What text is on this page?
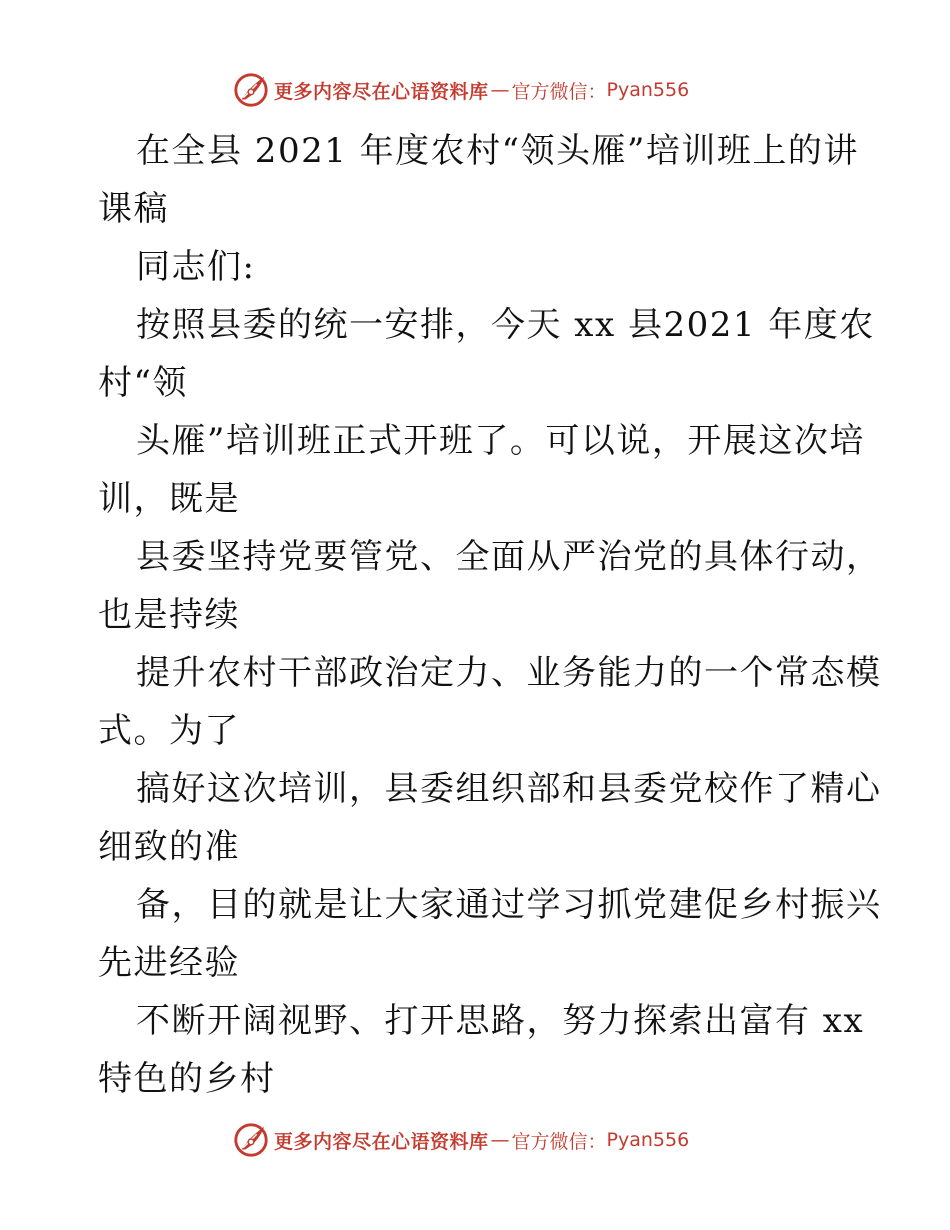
更多内容尽在心语资料库 — 官方微信： Pyan556
在全县 2021 年度农村“领头雁”培训班上的讲
课稿
同志们:
按照县委的统一安排，今天 xx 县2021 年度农
村“领
头雁”培训班正式开班了。可以说，开展这次培
训，既是
县委坚持党要管党、全面从严治党的具体行动，
也是持续
提升农村干部政治定力、业务能力的一个常态模
式。为了
搞好这次培训，县委组织部和县委党校作了精心
细致的准
备，目的就是让大家通过学习抓党建促乡村振兴
先进经验
不断开阔视野、打开思路，努力探索出富有 xx
特色的乡村
更多内容尽在心语资料库 — 官方微信： Pyan556
